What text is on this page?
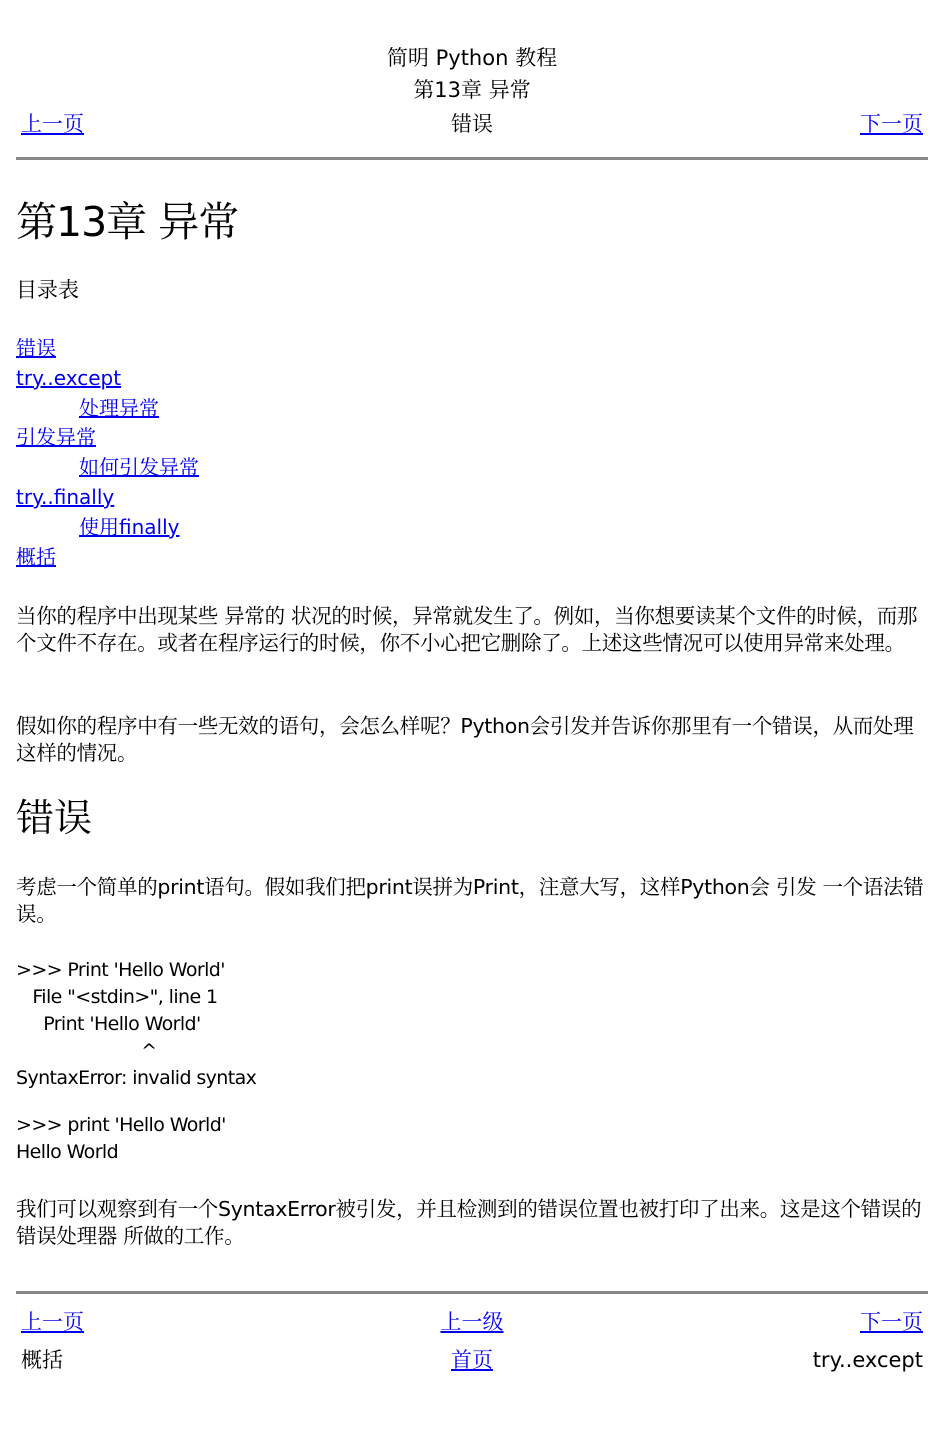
简明 Python 教程
第13章 异常
上一页	错误	下一页
第13章 异常
目录表
错误
try..except
处理异常
引发异常
如何引发异常
try..finally
使用finally
概括
当你的程序中出现某些 异常的 状况的时候，异常就发生了。例如，当你想要读某个文件的时候，而那个文件不存在。或者在程序运行的时候，你不小心把它删除了。上述这些情况可以使用异常来处理。
假如你的程序中有一些无效的语句，会怎么样呢？Python会引发并告诉你那里有一个错误，从而处理这样的情况。
错误
考虑一个简单的print语句。假如我们把print误拼为Print，注意大写，这样Python会 引发 一个语法错误。
>>> Print 'Hello World'
File "<stdin>", line 1
Print 'Hello World'
^
SyntaxError: invalid syntax
>>> print 'Hello World'
Hello World
我们可以观察到有一个SyntaxError被引发，并且检测到的错误位置也被打印了出来。这是这个错误的 错误处理器 所做的工作。
上一页	上一级	下一页
概括	首页	try..except
